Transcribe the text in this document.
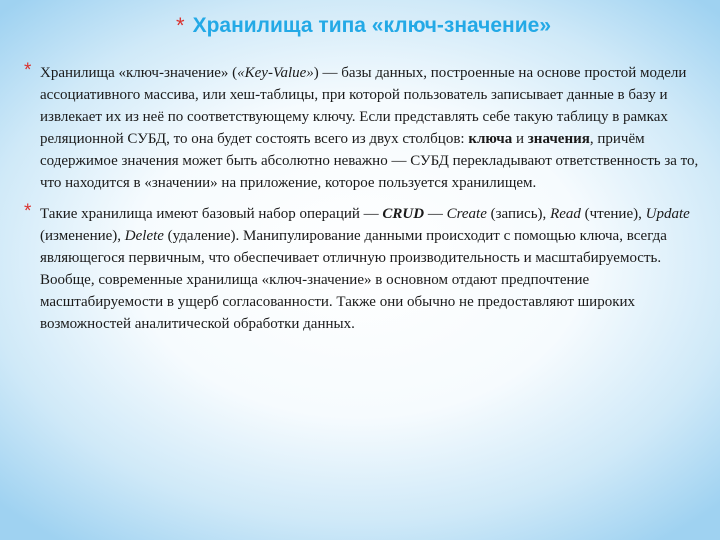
* Хранилища типа «ключ-значение»
* Хранилища «ключ-значение» («Key-Value») — базы данных, построенные на основе простой модели ассоциативного массива, или хеш-таблицы, при которой пользователь записывает данные в базу и извлекает их из неё по соответствующему ключу. Если представлять себе такую таблицу в рамках реляционной СУБД, то она будет состоять всего из двух столбцов: ключа и значения, причём содержимое значения может быть абсолютно неважно — СУБД перекладывают ответственность за то, что находится в «значении» на приложение, которое пользуется хранилищем.
* Такие хранилища имеют базовый набор операций — CRUD — Create (запись), Read (чтение), Update (изменение), Delete (удаление). Манипулирование данными происходит с помощью ключа, всегда являющегося первичным, что обеспечивает отличную производительность и масштабируемость. Вообще, современные хранилища «ключ-значение» в основном отдают предпочтение масштабируемости в ущерб согласованности. Также они обычно не предоставляют широких возможностей аналитической обработки данных.
